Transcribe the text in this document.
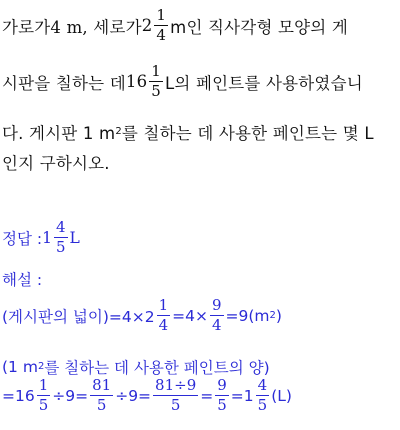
가로가 4 m, 세로가 $2 \frac{1}{4}$ m인 직사각형 모양의 게
시판을 칠하는 데 $16 \frac{1}{5}$ L의 페인트를 사용하였습니
다. 게시판 1 m 2 를 칠하는 데 사용한 페인트는 몇 L
인지 구하시오.
정답 : $1 \frac{4}{5}$ L
해설 :
(게시판의 넓이)$=4\times 2 \frac{1}{4} =4\times \frac{9}{4} =9(m$ 2 )
(1 m 2 를 칠하는 데 사용한 페인트의 양)
$=16 \frac{1}{5} \div 9= \frac{81}{5} \div 9= \frac{81\div 9}{5} = \frac{9}{5} =1 \frac{4}{5} (L)$
